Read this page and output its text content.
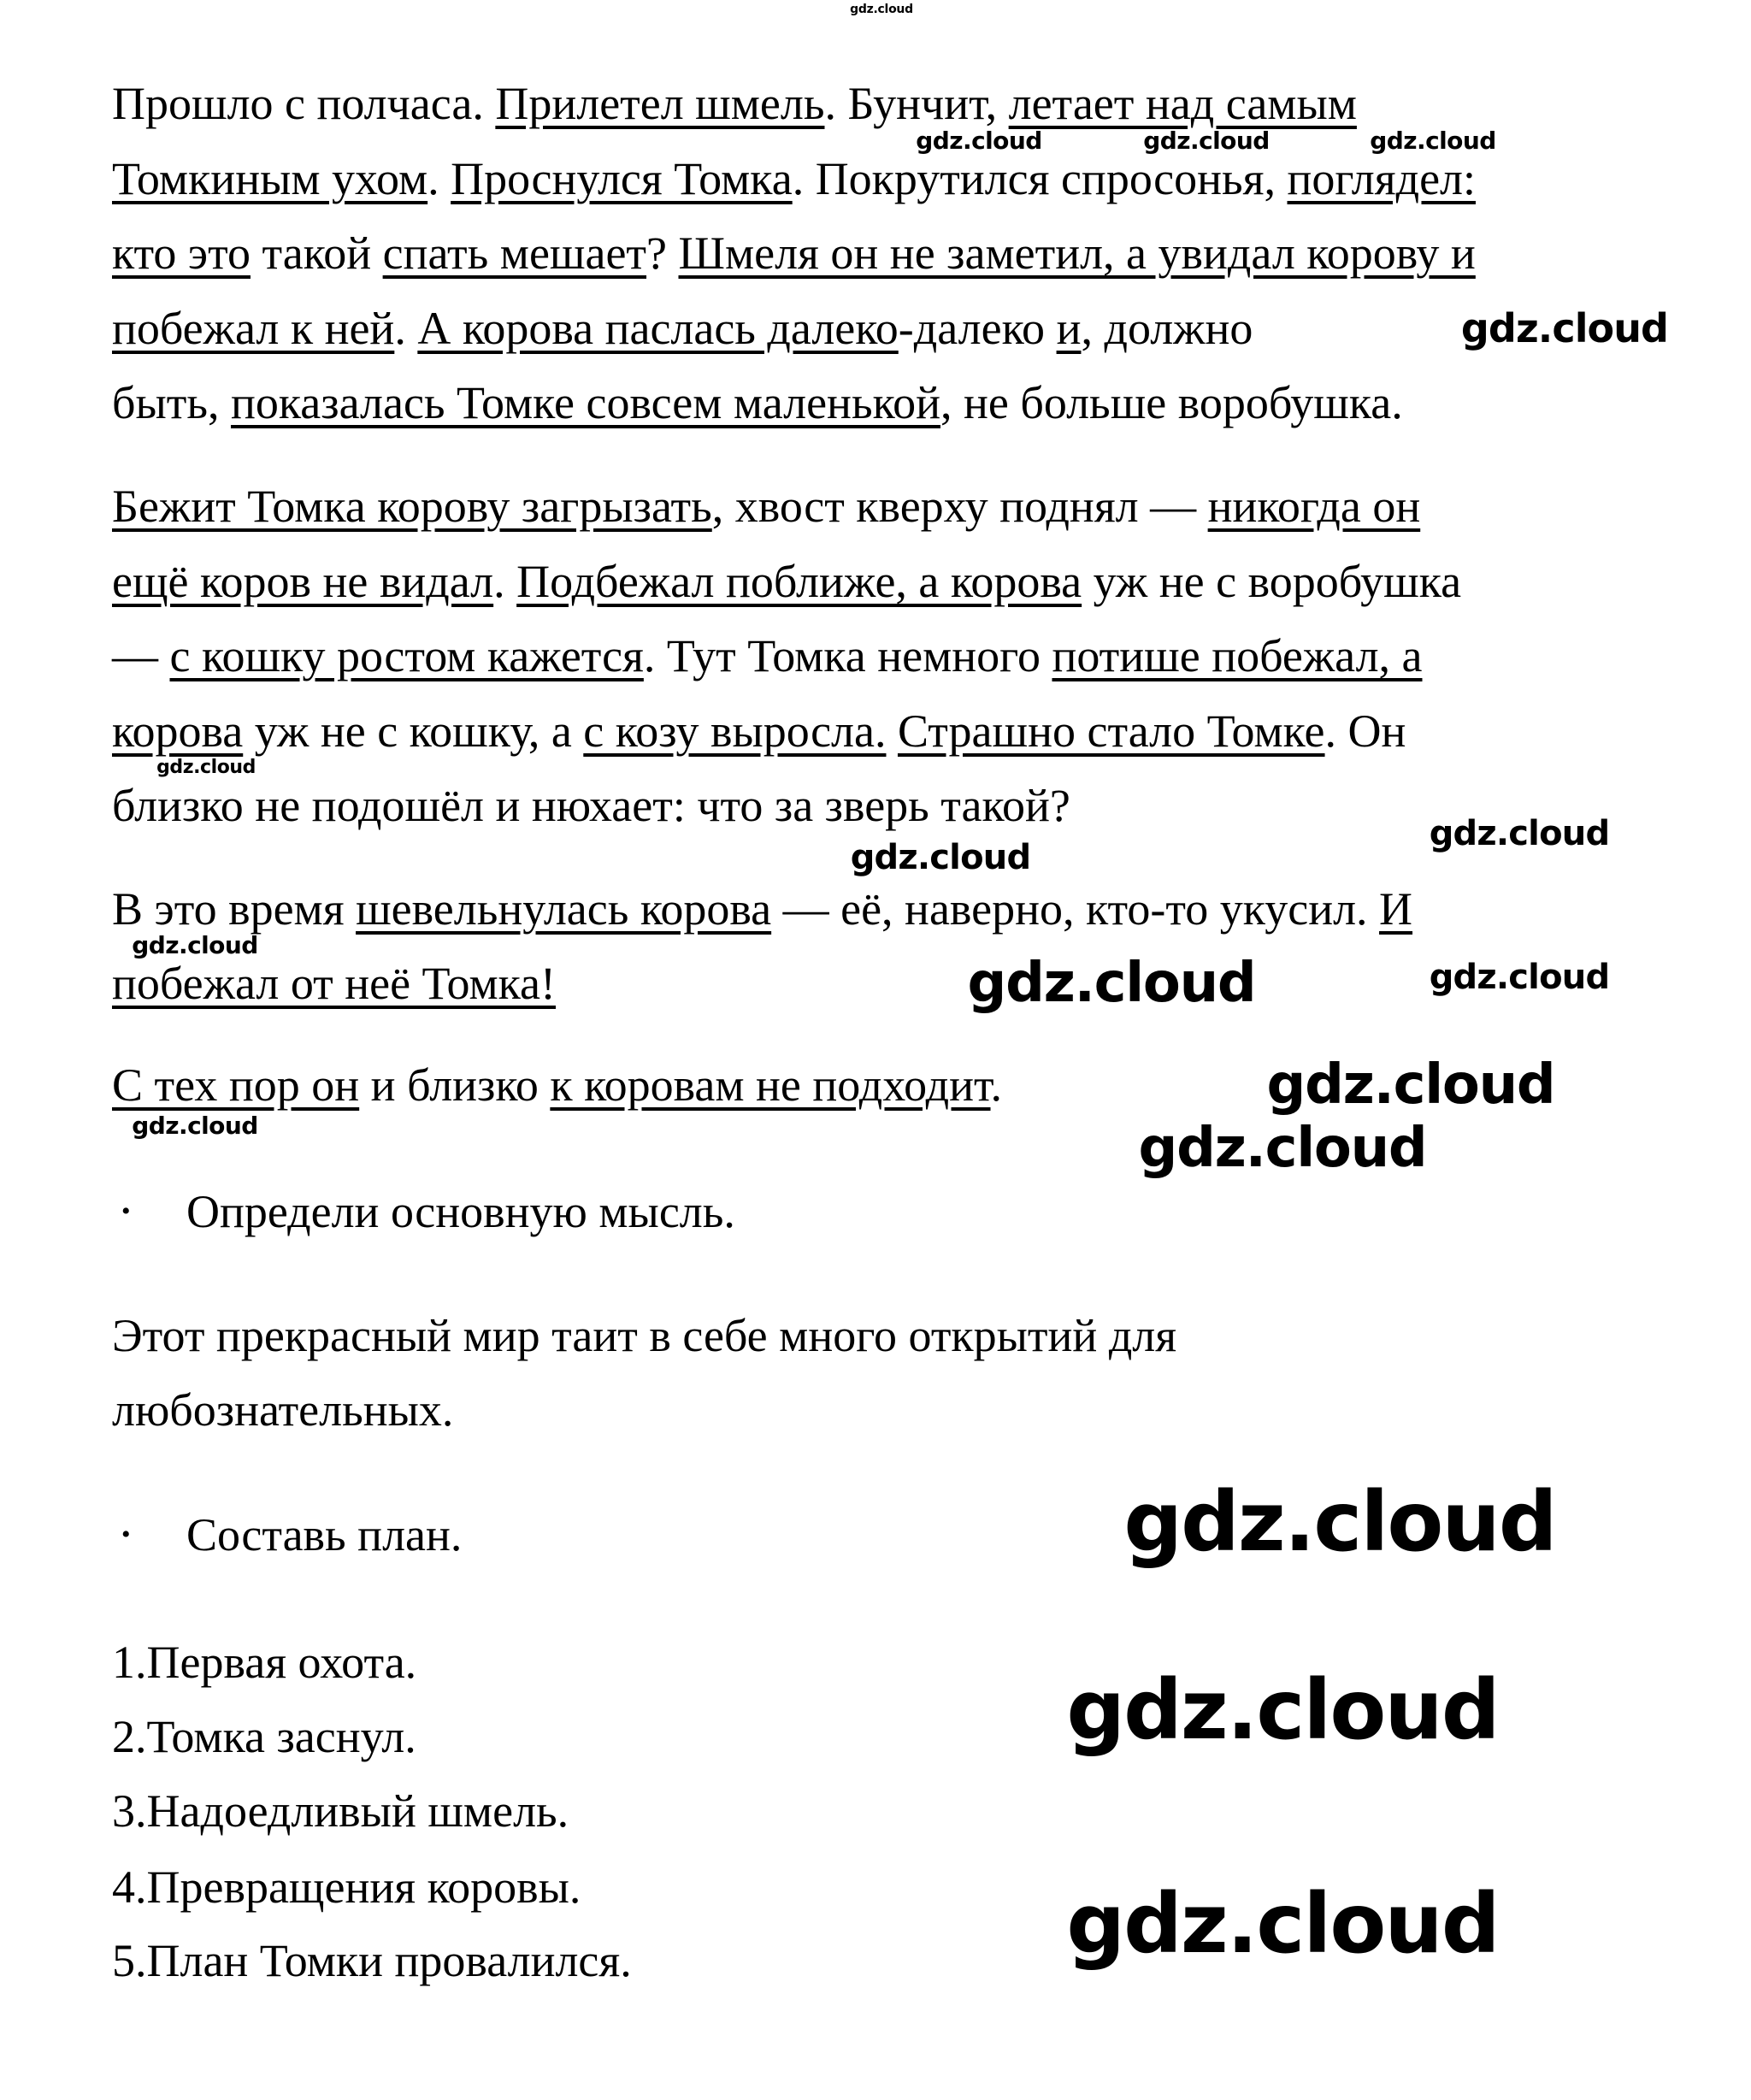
Прошло с полчаса. Прилетел шмель. Бунчит, летает над самым
Томкиным ухом. Проснулся Томка. Покрутился спросонья, поглядел:
кто это такой спать мешает? Шмеля он не заметил, а увидал корову и
побежал к ней. А корова паслась далеко-далеко и, должно
быть, показалась Томке совсем маленькой, не больше воробушка.
Бежит Томка корову загрызать, хвост кверху поднял — никогда он
ещё коров не видал. Подбежал поближе, а корова уж не с воробушка
— с кошку ростом кажется. Тут Томка немного потише побежал, а
корова уж не с кошку, а с козу выросла. Страшно стало Томке. Он
близко не подошёл и нюхает: что за зверь такой?
В это время шевельнулась корова — её, наверно, кто-то укусил. И
побежал от неё Томка!
С тех пор он и близко к коровам не подходит.
• Определи основную мысль.
Этот прекрасный мир таит в себе много открытий для
любознательных.
• Составь план.
1.Первая охота.
2.Томка заснул.
3.Надоедливый шмель.
4.Превращения коровы.
5.План Томки провалился.
gdz.cloud
gdz.cloud
gdz.cloud
gdz.cloud	gdz.cloud	gdz.cloud
gdz.cloud
gdz.cloud
gdz.cloud
gdz.cloud
gdz.cloud
gdz.cloud
gdz.cloud
gdz.cloud
gdz.cloud
gdz.cloud
gdz.cloud
